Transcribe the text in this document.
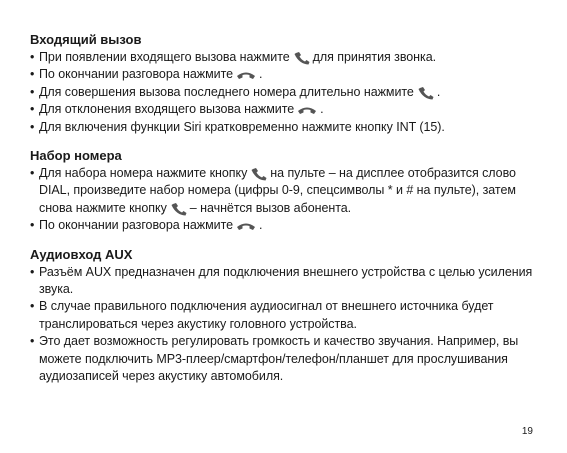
Входящий вызов
• При появлении входящего вызова нажмите для принятия звонка.
• По окончании разговора нажмите .
• Для совершения вызова последнего номера длительно нажмите .
• Для отклонения входящего вызова нажмите .
• Для включения функции Siri кратковременно нажмите кнопку INT (15).
Набор номера
• Для набора номера нажмите кнопку на пульте – на дисплее отобразится слово DIAL, произведите набор номера (цифры 0-9, спецсимволы * и # на пульте), затем снова нажмите кнопку – начнётся вызов абонента.
• По окончании разговора нажмите .
Аудиовход AUX
• Разъём AUX предназначен для подключения внешнего устройства с целью усиления звука.
• В случае правильного подключения аудиосигнал от внешнего источника будет транслироваться через акустику головного устройства.
• Это дает возможность регулировать громкость и качество звучания. Например, вы можете подключить МР3-плеер/смартфон/телефон/планшет для прослушивания аудиозаписей через акустику автомобиля.
19
